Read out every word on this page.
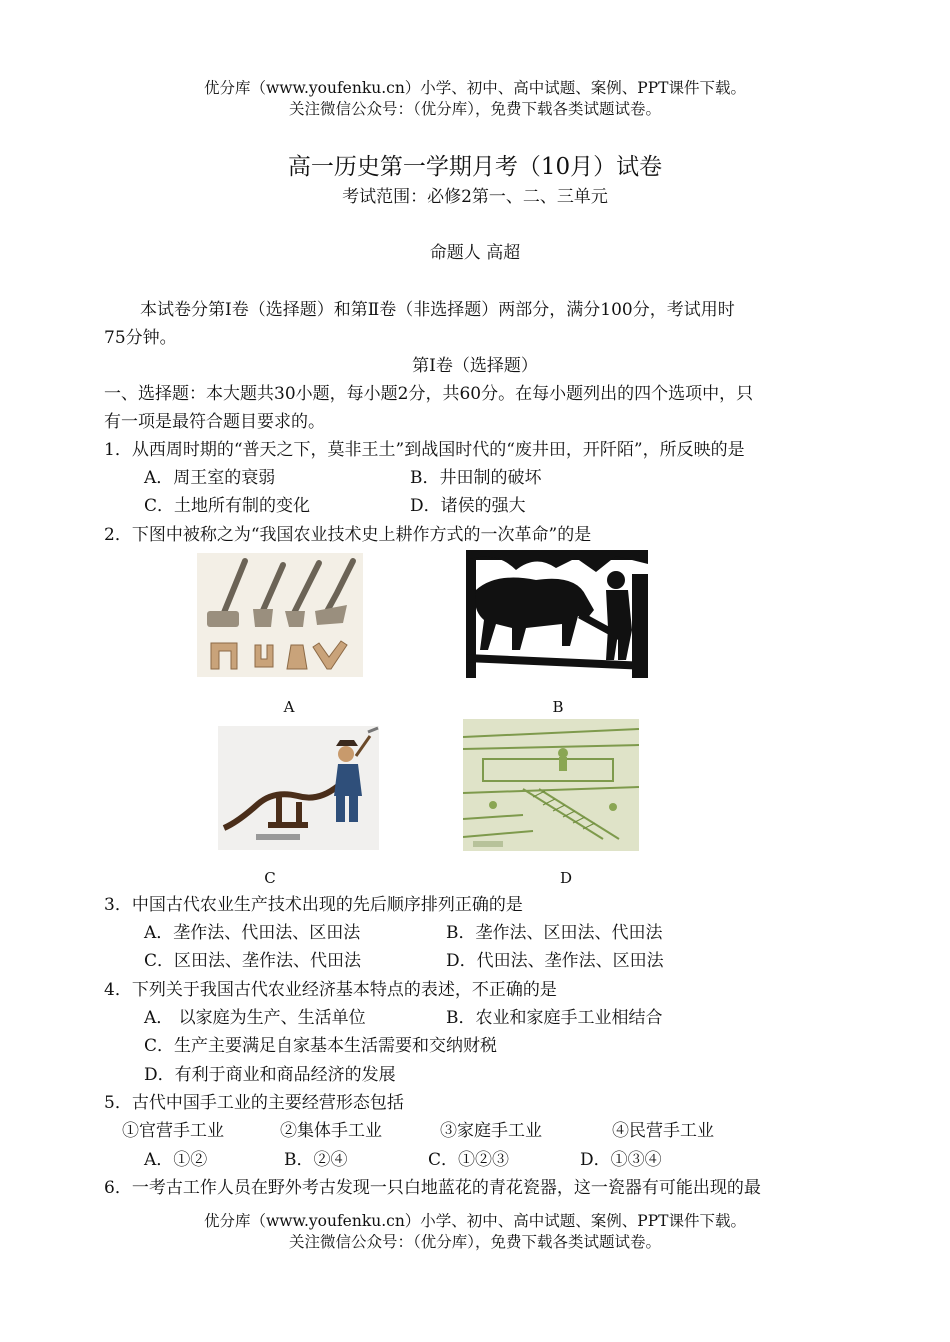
优分库（www.youfenku.cn）小学、初中、高中试题、案例、PPT课件下载。
关注微信公众号：（优分库），免费下载各类试题试卷。
高一历史第一学期月考（10月）试卷
考试范围：必修2第一、二、三单元
命题人 高超
本试卷分第Ⅰ卷（选择题）和第Ⅱ卷（非选择题）两部分，满分100分，考试用时
75分钟。
第Ⅰ卷（选择题）
一、选择题：本大题共30小题，每小题2分，共60分。在每小题列出的四个选项中，只
有一项是最符合题目要求的。
1．从西周时期的“普天之下，莫非王土”到战国时代的“废井田，开阡陌”，所反映的是
A．周王室的衰弱	B．井田制的破坏
C．土地所有制的变化	D．诸侯的强大
2．下图中被称之为“我国农业技术史上耕作方式的一次革命”的是
A	B
C	D
3．中国古代农业生产技术出现的先后顺序排列正确的是
A．垄作法、代田法、区田法	B．垄作法、区田法、代田法
C．区田法、垄作法、代田法	D．代田法、垄作法、区田法
4．下列关于我国古代农业经济基本特点的表述，不正确的是
A． 以家庭为生产、生活单位	B．农业和家庭手工业相结合
C．生产主要满足自家基本生活需要和交纳财税
D．有利于商业和商品经济的发展
5．古代中国手工业的主要经营形态包括
①官营手工业	②集体手工业	③家庭手工业	④民营手工业
A．①②	B．②④	C．①②③	D．①③④
6．一考古工作人员在野外考古发现一只白地蓝花的青花瓷器，这一瓷器有可能出现的最
优分库（www.youfenku.cn）小学、初中、高中试题、案例、PPT课件下载。
关注微信公众号：（优分库），免费下载各类试题试卷。
